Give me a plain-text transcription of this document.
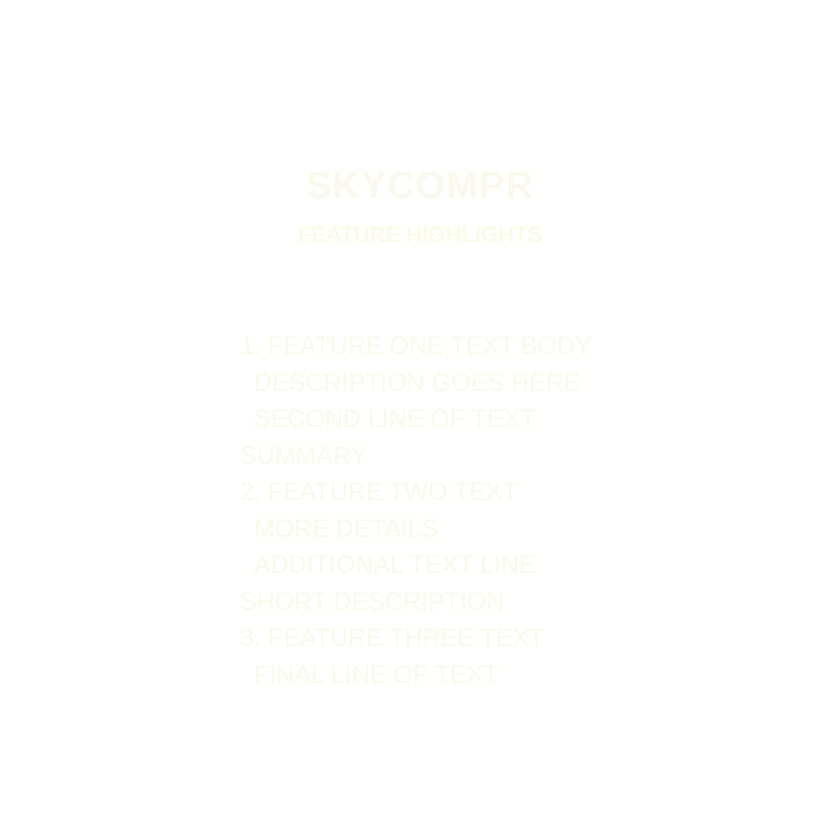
SKYCOMPR
FEATURE HIGHLIGHTS
1. FEATURE ONE TEXT BODY
DESCRIPTION GOES HERE
SECOND LINE OF TEXT
SUMMARY
2. FEATURE TWO TEXT
MORE DETAILS
ADDITIONAL TEXT LINE
SHORT DESCRIPTION
3. FEATURE THREE TEXT
FINAL LINE OF TEXT
